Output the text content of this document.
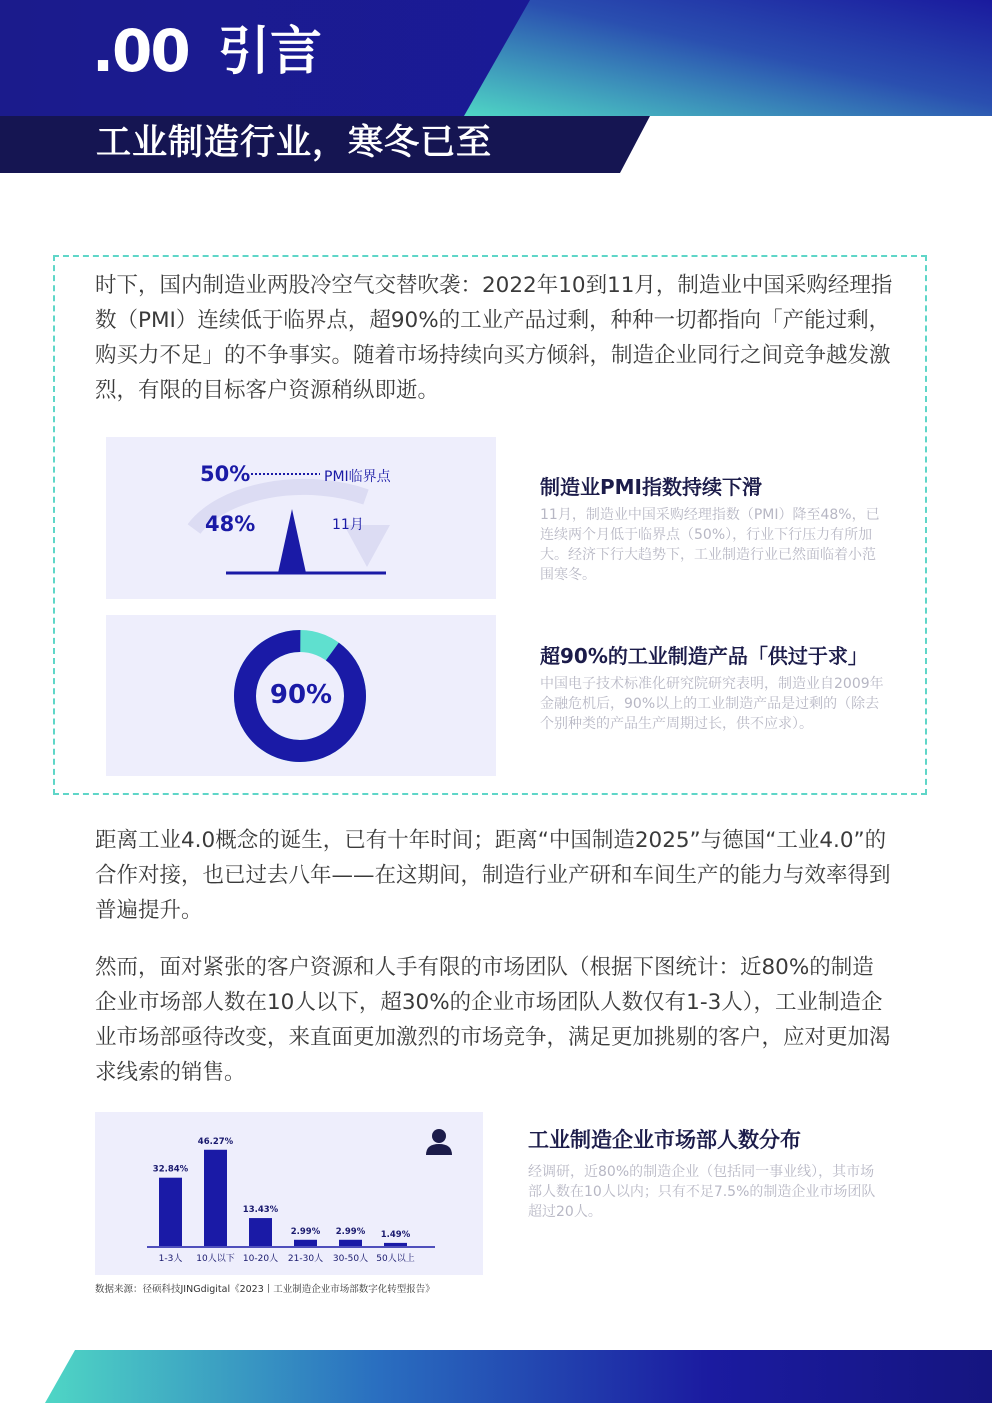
.00 引言
工业制造行业，寒冬已至
时下，国内制造业两股冷空气交替吹袭：2022年10到11月，制造业中国采购经理指数（PMI）连续低于临界点，超90%的工业产品过剩，种种一切都指向「产能过剩，购买力不足」的不争事实。随着市场持续向买方倾斜，制造企业同行之间竞争越发激烈，有限的目标客户资源稍纵即逝。
50%	PMI临界点
48%	11月
制造业PMI指数持续下滑
11月，制造业中国采购经理指数（PMI）降至48%，已连续两个月低于临界点（50%），行业下行压力有所加大。经济下行大趋势下，工业制造行业已然面临着小范围寒冬。
90%
超90%的工业制造产品「供过于求」
中国电子技术标准化研究院研究表明，制造业自2009年金融危机后，90%以上的工业制造产品是过剩的（除去个别种类的产品生产周期过长，供不应求）。
距离工业4.0概念的诞生，已有十年时间；距离“中国制造2025”与德国“工业4.0”的合作对接，也已过去八年——在这期间，制造行业产研和车间生产的能力与效率得到普遍提升。
然而，面对紧张的客户资源和人手有限的市场团队（根据下图统计：近80%的制造企业市场部人数在10人以下，超30%的企业市场团队人数仅有1-3人），工业制造企业市场部亟待改变，来直面更加激烈的市场竞争，满足更加挑剔的客户，应对更加渴求线索的销售。
32.84%
1-3人
46.27%
10人以下
13.43%
10-20人
2.99%
21-30人
2.99%
30-50人
1.49%
50人以上
工业制造企业市场部人数分布
经调研，近80%的制造企业（包括同一事业线），其市场部人数在10人以内；只有不足7.5%的制造企业市场团队超过20人。
数据来源：径硕科技JINGdigital《2023丨工业制造企业市场部数字化转型报告》
